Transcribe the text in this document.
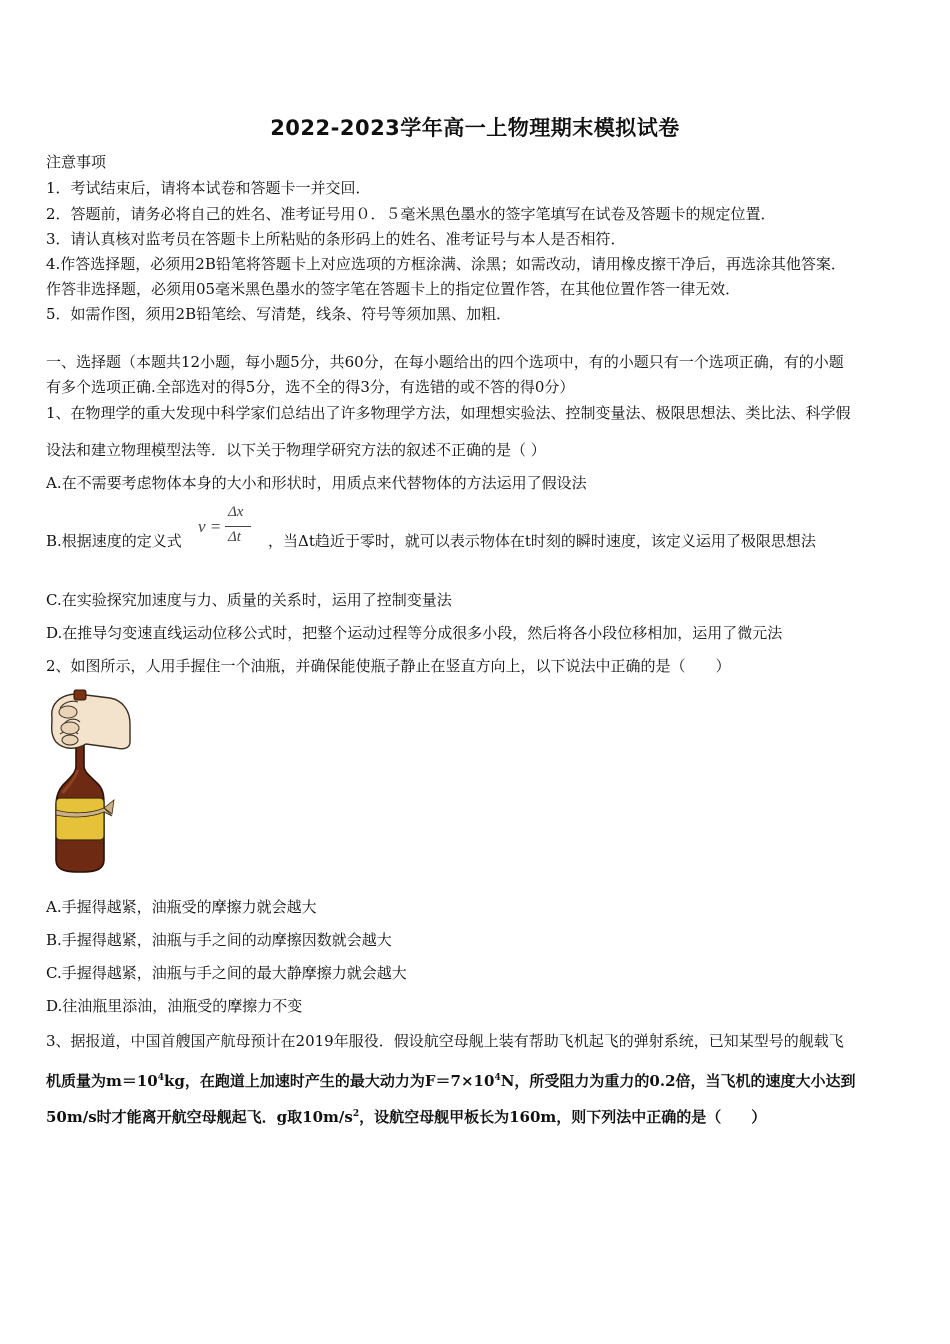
2022-2023学年高一上物理期末模拟试卷
注意事项
1．考试结束后，请将本试卷和答题卡一并交回．
2．答题前，请务必将自己的姓名、准考证号用０．５毫米黑色墨水的签字笔填写在试卷及答题卡的规定位置．
3．请认真核对监考员在答题卡上所粘贴的条形码上的姓名、准考证号与本人是否相符．
4.作答选择题，必须用2B铅笔将答题卡上对应选项的方框涂满、涂黑；如需改动，请用橡皮擦干净后，再选涂其他答案．
作答非选择题，必须用05毫米黑色墨水的签字笔在答题卡上的指定位置作答，在其他位置作答一律无效．
5．如需作图，须用2B铅笔绘、写清楚，线条、符号等须加黑、加粗．
一、选择题（本题共12小题，每小题5分，共60分，在每小题给出的四个选项中，有的小题只有一个选项正确，有的小题
有多个选项正确.全部选对的得5分，选不全的得3分，有选错的或不答的得0分）
1、在物理学的重大发现中科学家们总结出了许多物理学方法，如理想实验法、控制变量法、极限思想法、类比法、科学假
设法和建立物理模型法等．以下关于物理学研究方法的叙述不正确的是（ ）
A.在不需要考虑物体本身的大小和形状时，用质点来代替物体的方法运用了假设法
B.根据速度的定义式
v =
Δx
Δt ，当Δt趋近于零时，就可以表示物体在t时刻的瞬时速度，该定义运用了极限思想法
C.在实验探究加速度与力、质量的关系时，运用了控制变量法
D.在推导匀变速直线运动位移公式时，把整个运动过程等分成很多小段，然后将各小段位移相加，运用了微元法
2、如图所示，人用手握住一个油瓶，并确保能使瓶子静止在竖直方向上，以下说法中正确的是（　　）
A.手握得越紧，油瓶受的摩擦力就会越大
B.手握得越紧，油瓶与手之间的动摩擦因数就会越大
C.手握得越紧，油瓶与手之间的最大静摩擦力就会越大
D.往油瓶里添油，油瓶受的摩擦力不变
3、据报道，中国首艘国产航母预计在2019年服役．假设航空母舰上装有帮助飞机起飞的弹射系统，已知某型号的舰载飞
机质量为$m=10^4kg$，在跑道上加速时产生的最大动力为$F=7\times 10^4N$，所受阻力为重力的0.2倍，当飞机的速度大小达到
50m/s时才能离开航空母舰起飞．g取$10m/s^2$，设航空母舰甲板长为160m，则下列法中正确的是（　　）
